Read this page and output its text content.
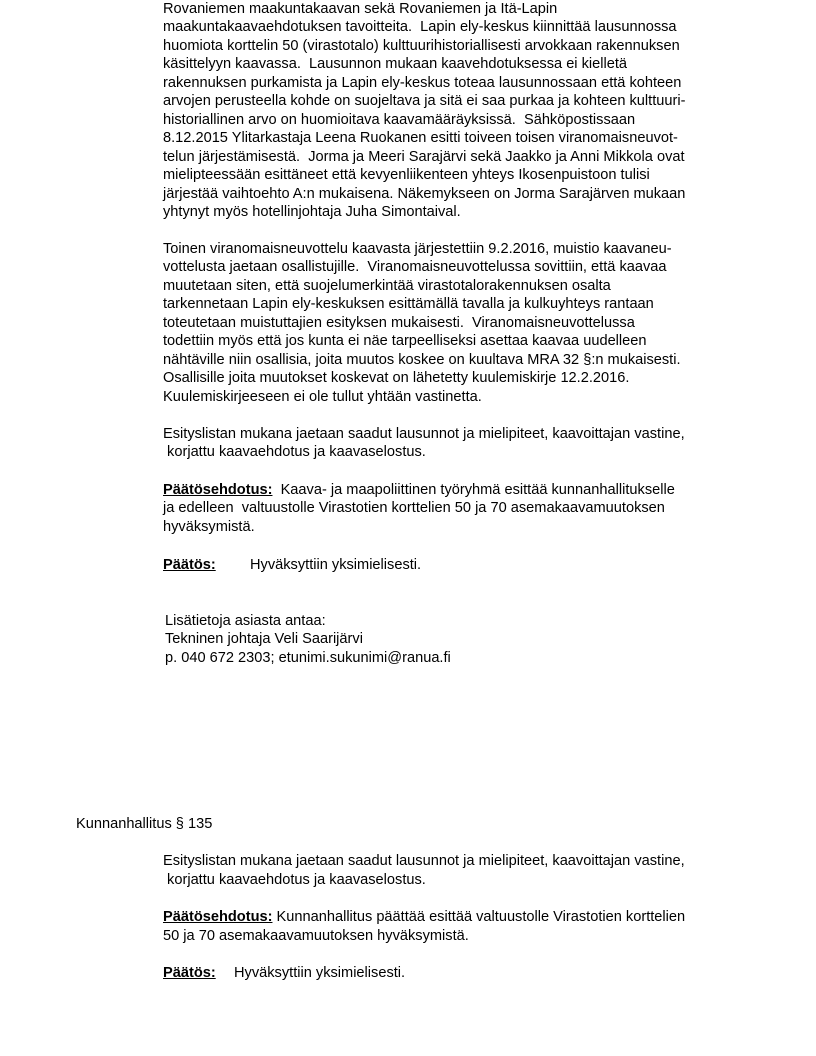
Rovaniemen maakuntakaavan sekä Rovaniemen ja Itä-Lapin
maakuntakaavaehdotuksen tavoitteita.  Lapin ely-keskus kiinnittää lausunnossa
huomiota korttelin 50 (virastotalo) kulttuurihistoriallisesti arvokkaan rakennuksen
käsittelyyn kaavassa.  Lausunnon mukaan kaavehdotuksessa ei kielletä
rakennuksen purkamista ja Lapin ely-keskus toteaa lausunnossaan että kohteen
arvojen perusteella kohde on suojeltava ja sitä ei saa purkaa ja kohteen kulttuuri-
historiallinen arvo on huomioitava kaavamääräyksissä.  Sähköpostissaan
8.12.2015 Ylitarkastaja Leena Ruokanen esitti toiveen toisen viranomaisneuvot-
telun järjestämisestä.  Jorma ja Meeri Sarajärvi sekä Jaakko ja Anni Mikkola ovat
mielipteessään esittäneet että kevyenliikenteen yhteys Ikosenpuistoon tulisi
järjestää vaihtoehto A:n mukaisena. Näkemykseen on Jorma Sarajärven mukaan
yhtynyt myös hotellinjohtaja Juha Simontaival.
Toinen viranomaisneuvottelu kaavasta järjestettiin 9.2.2016, muistio kaavaneu-
vottelusta jaetaan osallistujille.  Viranomaisneuvottelussa sovittiin, että kaavaa
muutetaan siten, että suojelumerkintää virastotalorakennuksen osalta
tarkennetaan Lapin ely-keskuksen esittämällä tavalla ja kulkuyhteys rantaan
toteutetaan muistuttajien esityksen mukaisesti.  Viranomaisneuvottelussa
todettiin myös että jos kunta ei näe tarpeelliseksi asettaa kaavaa uudelleen
nähtäville niin osallisia, joita muutos koskee on kuultava MRA 32 §:n mukaisesti.
Osallisille joita muutokset koskevat on lähetetty kuulemiskirje 12.2.2016.
Kuulemiskirjeeseen ei ole tullut yhtään vastinetta.
Esityslistan mukana jaetaan saadut lausunnot ja mielipiteet, kaavoittajan vastine,
korjattu kaavaehdotus ja kaavaselostus.
Päätösehdotus:  Kaava- ja maapoliittinen työryhmä esittää kunnanhallitukselle
ja edelleen  valtuustolle Virastotien korttelien 50 ja 70 asemakaavamuutoksen
hyväksymistä.
Päätös: Hyväksyttiin yksimielisesti.
Lisätietoja asiasta antaa:
Tekninen johtaja Veli Saarijärvi
p. 040 672 2303; etunimi.sukunimi@ranua.fi
Kunnanhallitus § 135
Esityslistan mukana jaetaan saadut lausunnot ja mielipiteet, kaavoittajan vastine,
korjattu kaavaehdotus ja kaavaselostus.
Päätösehdotus: Kunnanhallitus päättää esittää valtuustolle Virastotien korttelien
50 ja 70 asemakaavamuutoksen hyväksymistä.
Päätös: Hyväksyttiin yksimielisesti.
